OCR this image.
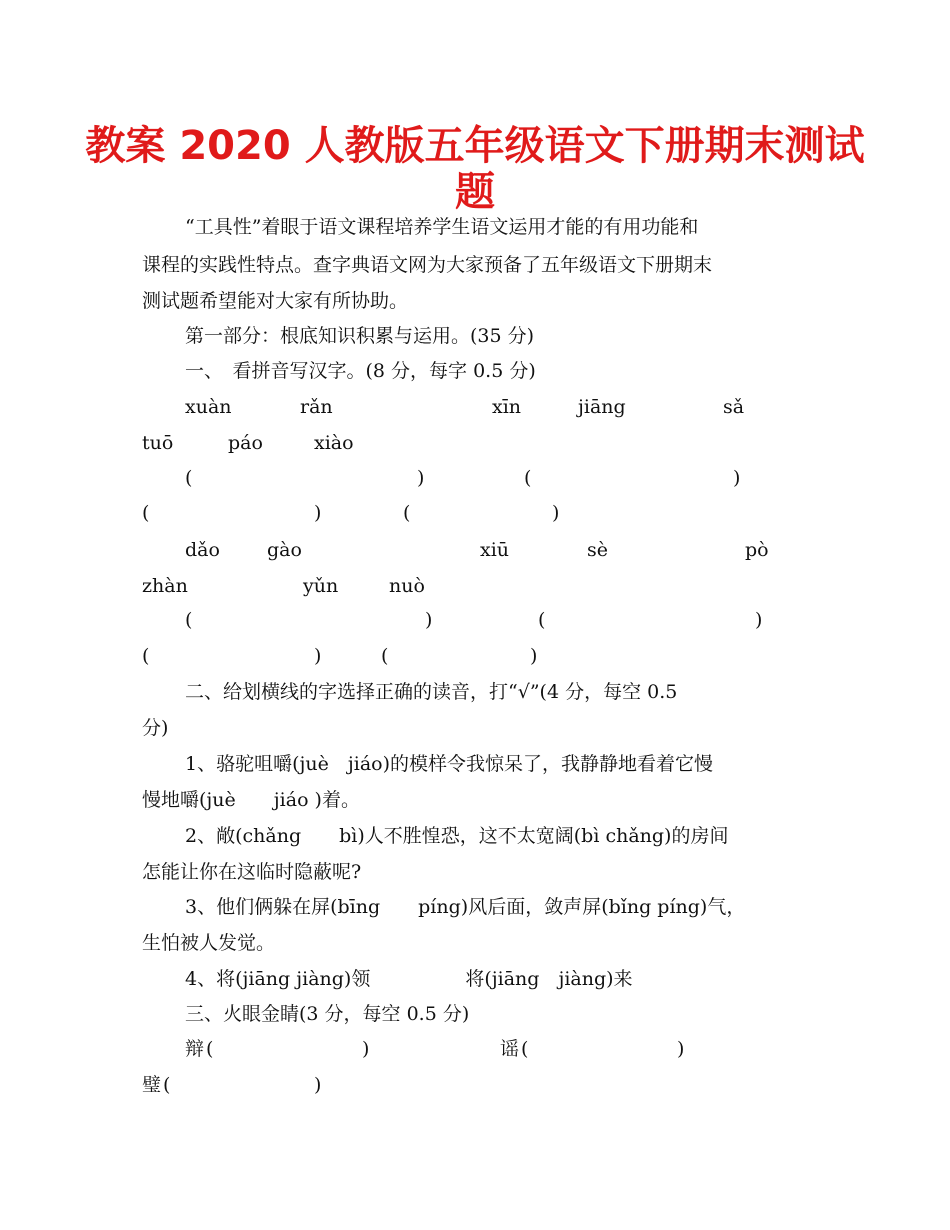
教案 2020 人教版五年级语文下册期末测试
题

“工具性”着眼于语文课程培养学生语文运用才能的有用功能和

课程的实践性特点。查字典语文网为大家预备了五年级语文下册期末

测试题希望能对大家有所协助。

第一部分：根底知识积累与运用。(35 分)

一、　看拼音写汉字。(8 分，每字 0.5 分)

xuàn	rǎn	xīn	jiāng	sǎ
tuō	páo	xiào
(	)	(	)
(	)	(	)
dǎo gào	xiū	sè	pò
zhàn	yǔn	nuò
(	)	(	)
(	)	(	)

二、给划横线的字选择正确的读音，打“√”(4 分，每空 0.5

分)

1、骆驼咀嚼(juè　jiáo)的模样令我惊呆了，我静静地看着它慢

慢地嚼(juè　　jiáo )着。

2、敞(chǎng　　bì)人不胜惶恐，这不太宽阔(bì chǎng)的房间

怎能让你在这临时隐蔽呢?

3、他们俩躲在屏(bīng　　píng)风后面，敛声屏(bǐng píng)气，

生怕被人发觉。

4、将(jiāng jiàng)领　　　　　将(jiāng　jiàng)来

三、火眼金睛(3 分，每空 0.5 分)

辩 (	)	谣 (	)
璧 (	)
